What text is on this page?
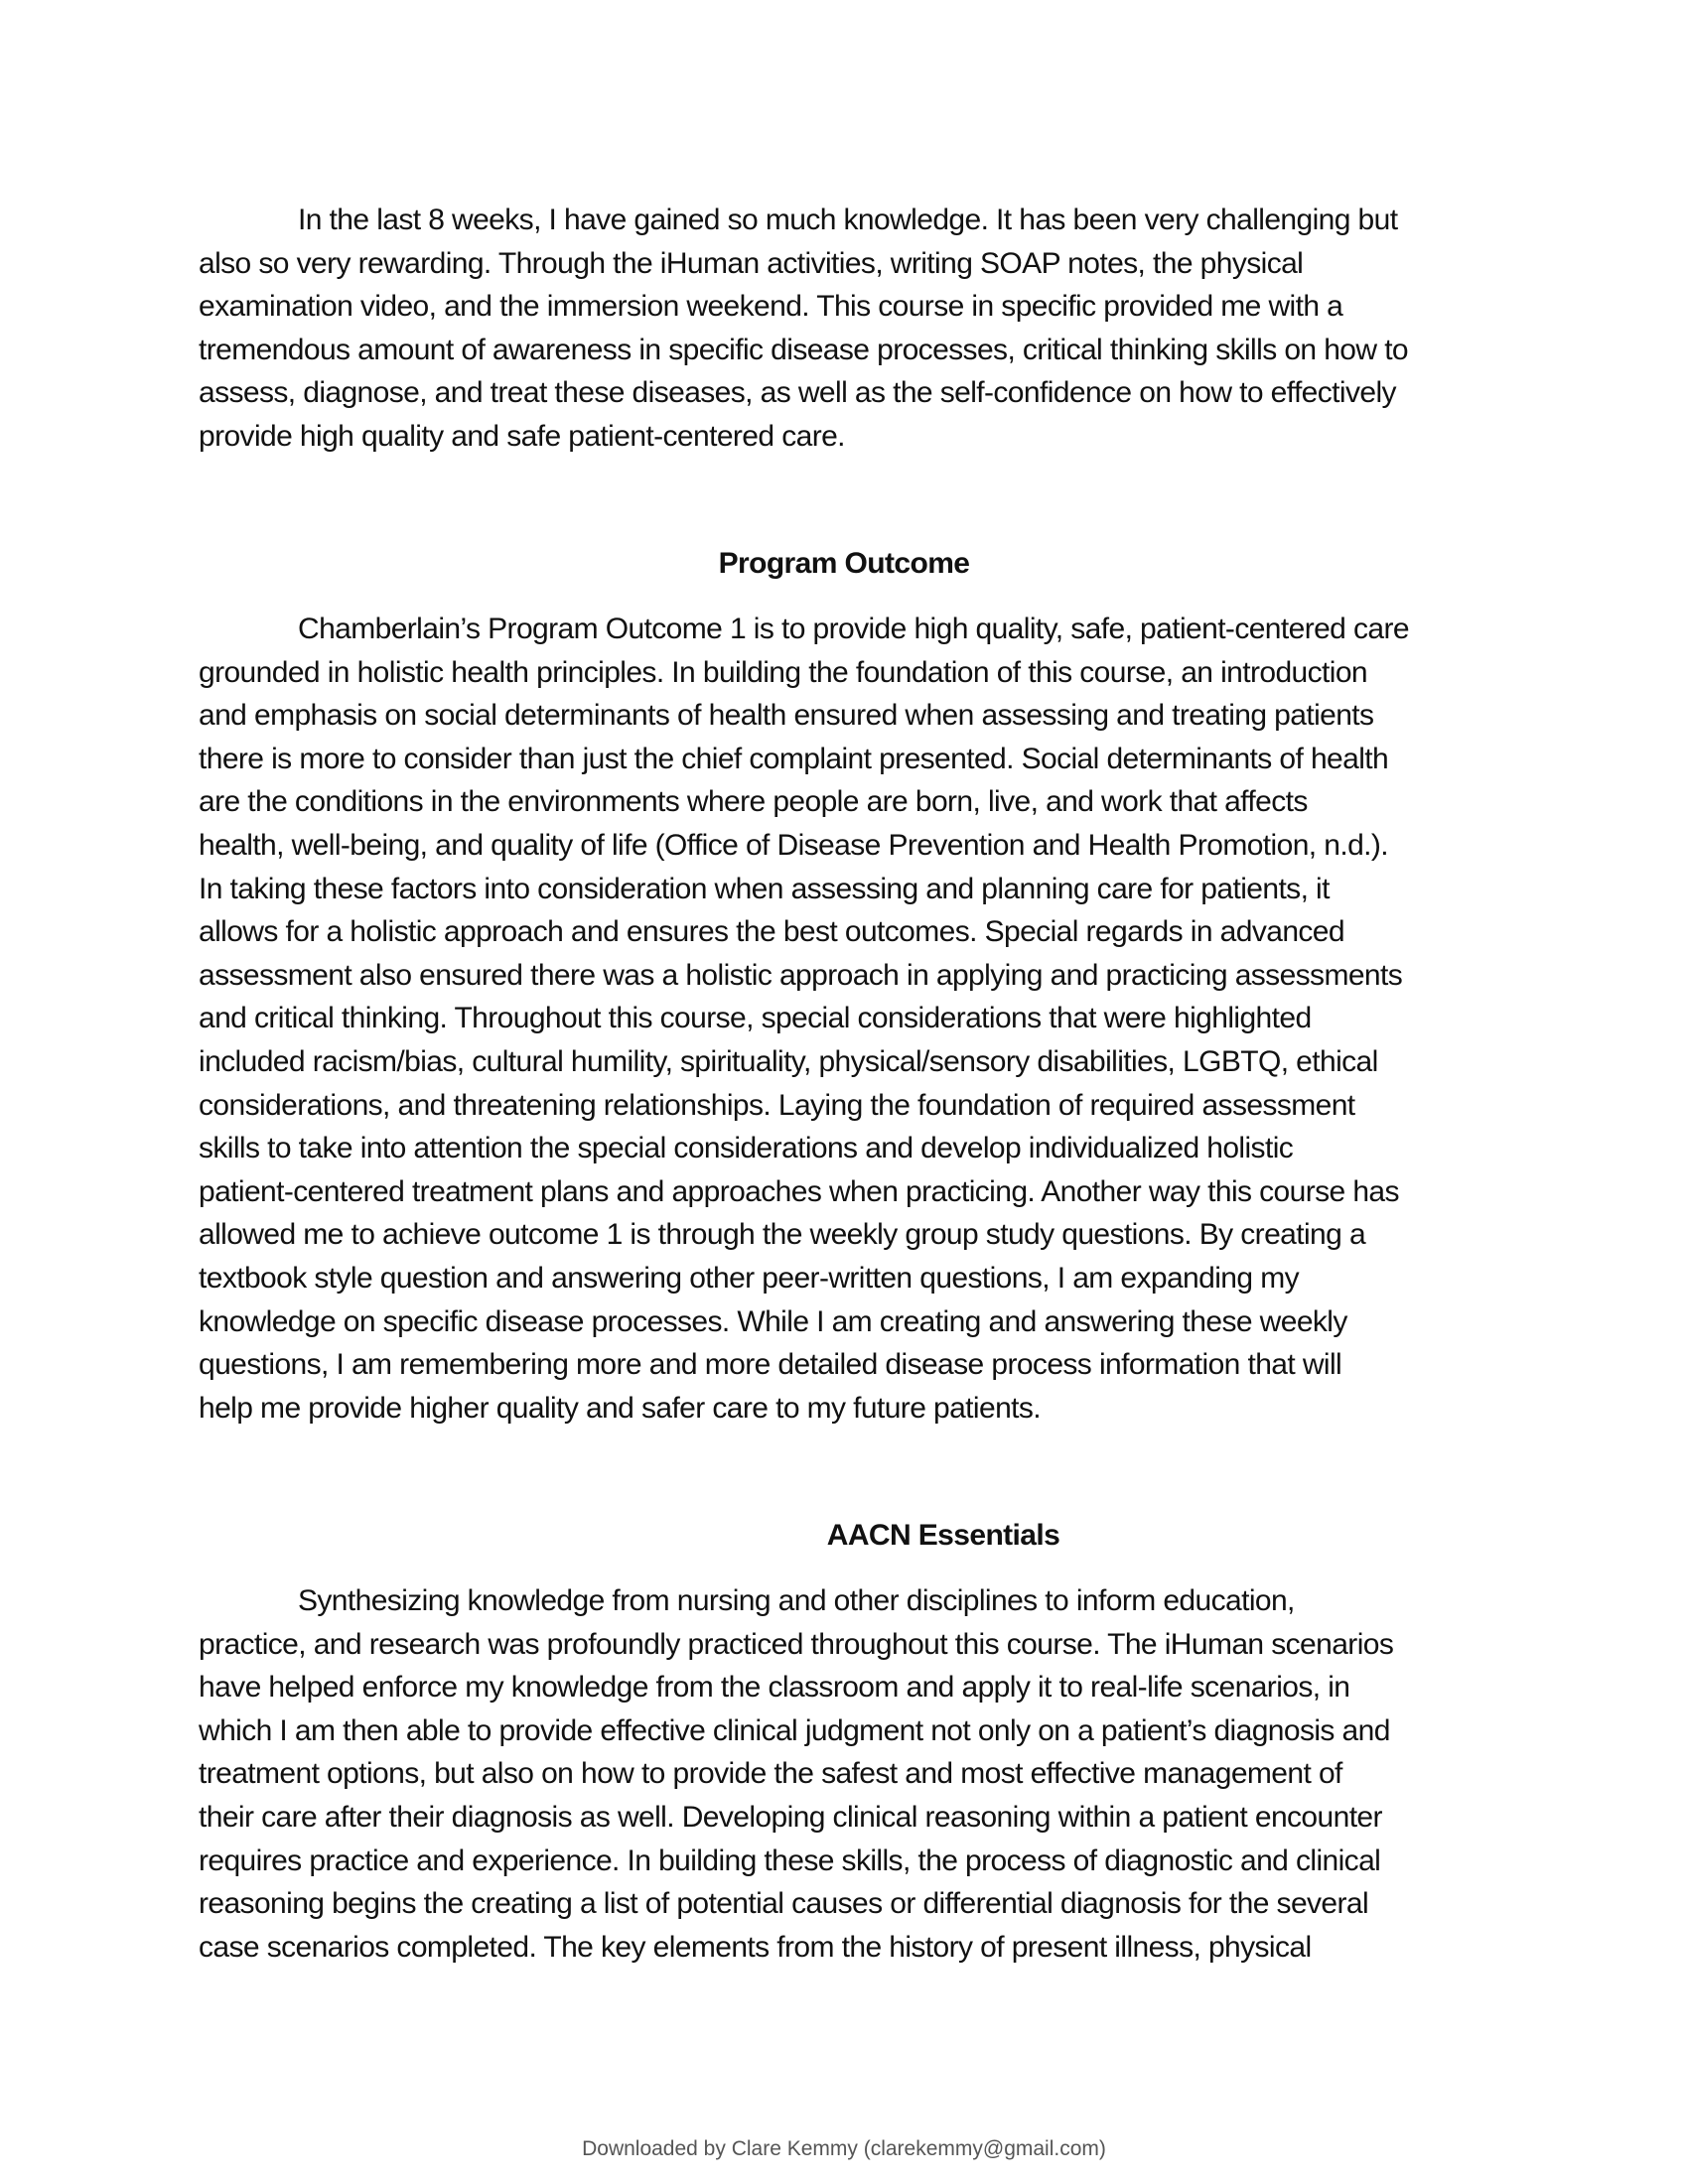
In the last 8 weeks, I have gained so much knowledge. It has been very challenging but
also so very rewarding. Through the iHuman activities, writing SOAP notes, the physical
examination video, and the immersion weekend. This course in specific provided me with a
tremendous amount of awareness in specific disease processes, critical thinking skills on how to
assess, diagnose, and treat these diseases, as well as the self-confidence on how to effectively
provide high quality and safe patient-centered care.
Program Outcome
Chamberlain’s Program Outcome 1 is to provide high quality, safe, patient-centered care
grounded in holistic health principles. In building the foundation of this course, an introduction
and emphasis on social determinants of health ensured when assessing and treating patients
there is more to consider than just the chief complaint presented. Social determinants of health
are the conditions in the environments where people are born, live, and work that affects
health, well-being, and quality of life (Office of Disease Prevention and Health Promotion, n.d.).
In taking these factors into consideration when assessing and planning care for patients, it
allows for a holistic approach and ensures the best outcomes. Special regards in advanced
assessment also ensured there was a holistic approach in applying and practicing assessments
and critical thinking. Throughout this course, special considerations that were highlighted
included racism/bias, cultural humility, spirituality, physical/sensory disabilities, LGBTQ, ethical
considerations, and threatening relationships. Laying the foundation of required assessment
skills to take into attention the special considerations and develop individualized holistic
patient-centered treatment plans and approaches when practicing. Another way this course has
allowed me to achieve outcome 1 is through the weekly group study questions. By creating a
textbook style question and answering other peer-written questions, I am expanding my
knowledge on specific disease processes. While I am creating and answering these weekly
questions, I am remembering more and more detailed disease process information that will
help me provide higher quality and safer care to my future patients.
AACN Essentials
Synthesizing knowledge from nursing and other disciplines to inform education,
practice, and research was profoundly practiced throughout this course. The iHuman scenarios
have helped enforce my knowledge from the classroom and apply it to real-life scenarios, in
which I am then able to provide effective clinical judgment not only on a patient’s diagnosis and
treatment options, but also on how to provide the safest and most effective management of
their care after their diagnosis as well. Developing clinical reasoning within a patient encounter
requires practice and experience. In building these skills, the process of diagnostic and clinical
reasoning begins the creating a list of potential causes or differential diagnosis for the several
case scenarios completed. The key elements from the history of present illness, physical
Downloaded by Clare Kemmy (clarekemmy@gmail.com)
